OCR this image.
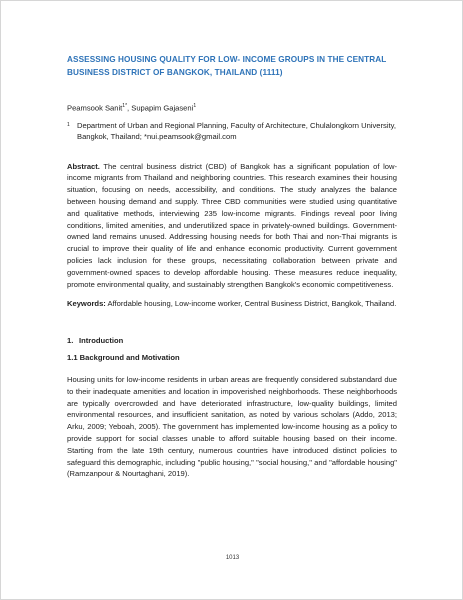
ASSESSING HOUSING QUALITY FOR LOW- INCOME GROUPS IN THE CENTRAL BUSINESS DISTRICT OF BANGKOK, THAILAND (1111)

Peamsook Sanit$^{1*}$, Supapim Gajaseni$^1$

1 Department of Urban and Regional Planning, Faculty of Architecture, Chulalongkorn University, Bangkok, Thailand; *nui.peamsook@gmail.com

Abstract. The central business district (CBD) of Bangkok has a significant population of low-income migrants from Thailand and neighboring countries. This research examines their housing situation, focusing on needs, accessibility, and conditions. The study analyzes the balance between housing demand and supply. Three CBD communities were studied using quantitative and qualitative methods, interviewing 235 low-income migrants. Findings reveal poor living conditions, limited amenities, and underutilized space in privately-owned buildings. Government-owned land remains unused. Addressing housing needs for both Thai and non-Thai migrants is crucial to improve their quality of life and enhance economic productivity. Current government policies lack inclusion for these groups, necessitating collaboration between private and government-owned spaces to develop affordable housing. These measures reduce inequality, promote environmental quality, and sustainably strengthen Bangkok's economic competitiveness.

Keywords: Affordable housing, Low-income worker, Central Business District, Bangkok, Thailand.

1. Introduction

1.1 Background and Motivation

Housing units for low-income residents in urban areas are frequently considered substandard due to their inadequate amenities and location in impoverished neighborhoods. These neighborhoods are typically overcrowded and have deteriorated infrastructure, low-quality buildings, limited environmental resources, and insufficient sanitation, as noted by various scholars (Addo, 2013; Arku, 2009; Yeboah, 2005). The government has implemented low-income housing as a policy to provide support for social classes unable to afford suitable housing based on their income. Starting from the late 19th century, numerous countries have introduced distinct policies to safeguard this demographic, including "public housing," "social housing," and "affordable housing" (Ramzanpour & Nourtaghani, 2019).

1013
